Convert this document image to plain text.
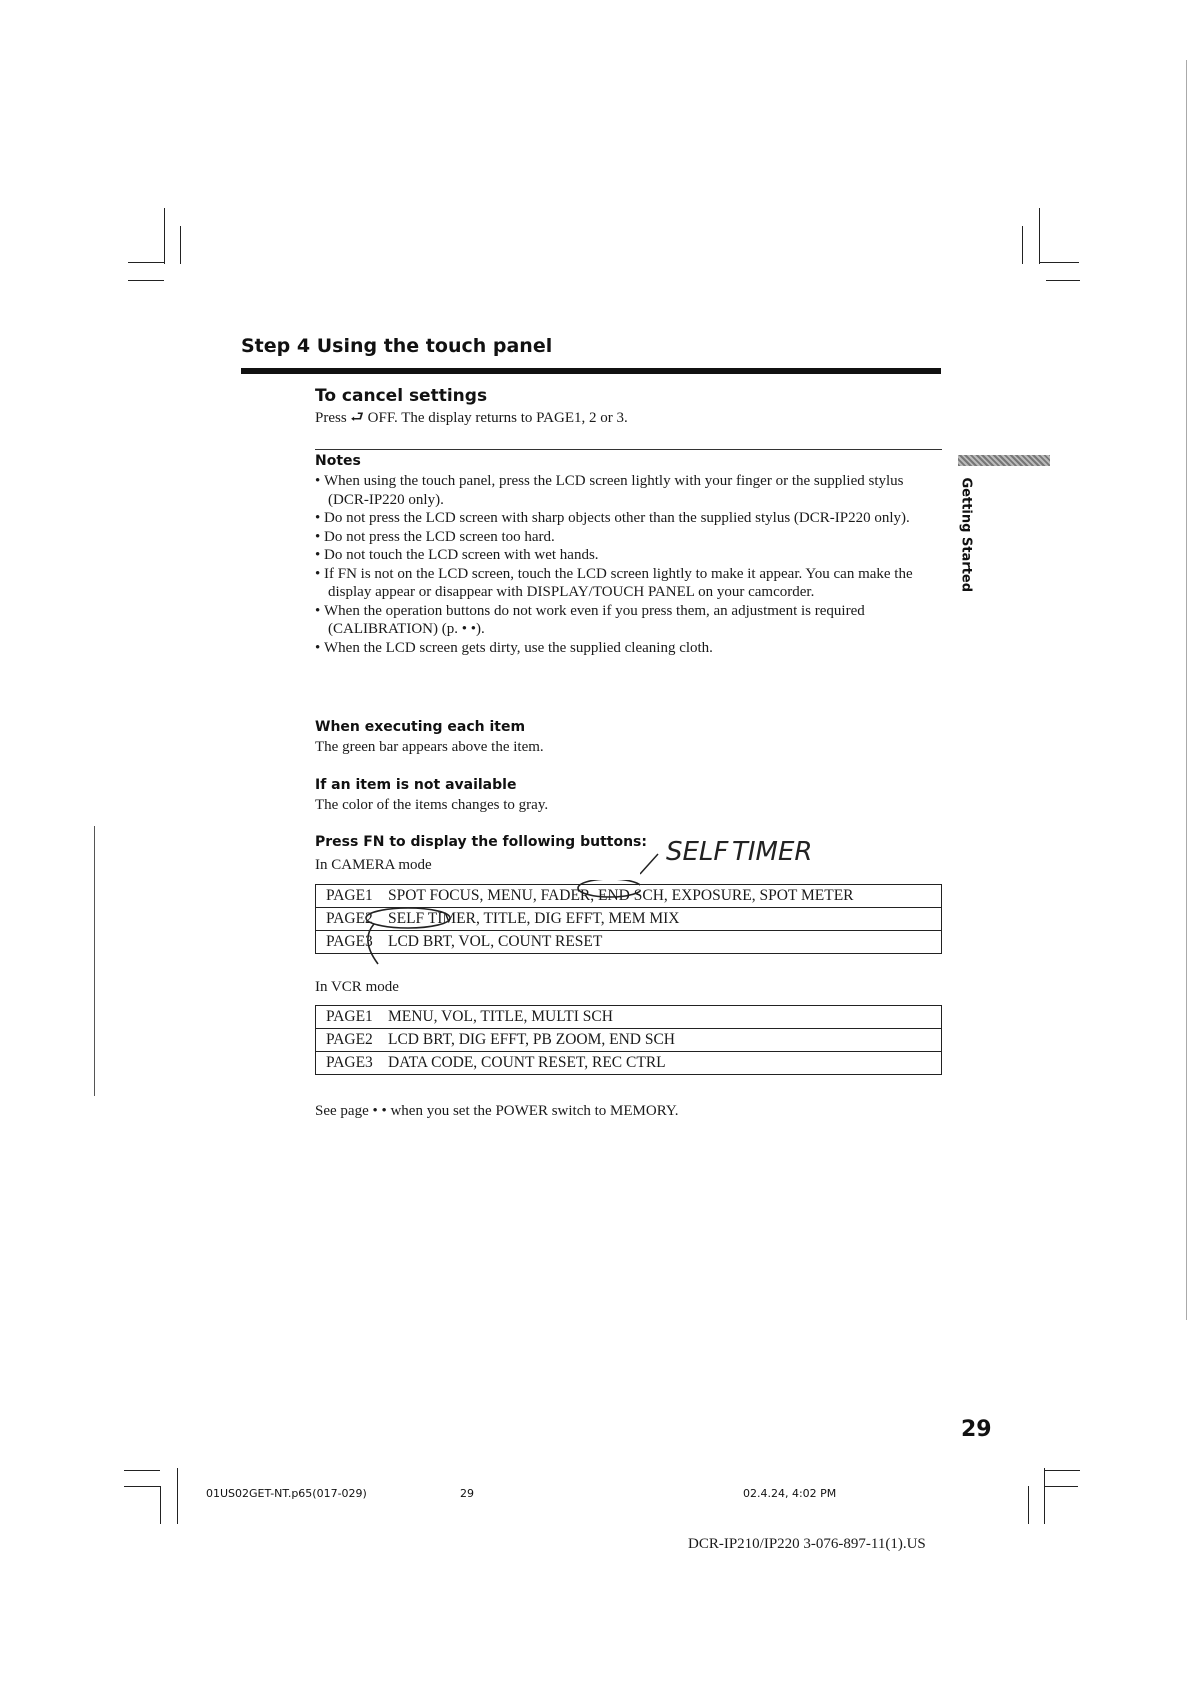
Step 4 Using the touch panel
To cancel settings

Press ⮐ OFF. The display returns to PAGE1, 2 or 3.

Notes
• When using the touch panel, press the LCD screen lightly with your finger or the supplied stylus (DCR-IP220 only).
• Do not press the LCD screen with sharp objects other than the supplied stylus (DCR-IP220 only).
• Do not press the LCD screen too hard.
• Do not touch the LCD screen with wet hands.
• If FN is not on the LCD screen, touch the LCD screen lightly to make it appear. You can make the display appear or disappear with DISPLAY/TOUCH PANEL on your camcorder.
• When the operation buttons do not work even if you press them, an adjustment is required (CALIBRATION) (p. • •).
• When the LCD screen gets dirty, use the supplied cleaning cloth.
When executing each item

The green bar appears above the item.

If an item is not available

The color of the items changes to gray.

Press FN to display the following buttons:

In CAMERA mode	SELF TIMER
PAGE1 SPOT FOCUS, MENU, FADER, END SCH, EXPOSURE, SPOT METER
PAGE2 SELF TIMER, TITLE, DIG EFFT, MEM MIX
PAGE3 LCD BRT, VOL, COUNT RESET

In VCR mode

PAGE1 MENU, VOL, TITLE, MULTI SCH
PAGE2 LCD BRT, DIG EFFT, PB ZOOM, END SCH
PAGE3 DATA CODE, COUNT RESET, REC CTRL

See page • • when you set the POWER switch to MEMORY.

Getting Started
29
01US02GET-NT.p65(017-029)	29	02.4.24, 4:02 PM
DCR-IP210/IP220 3-076-897-11(1).US
